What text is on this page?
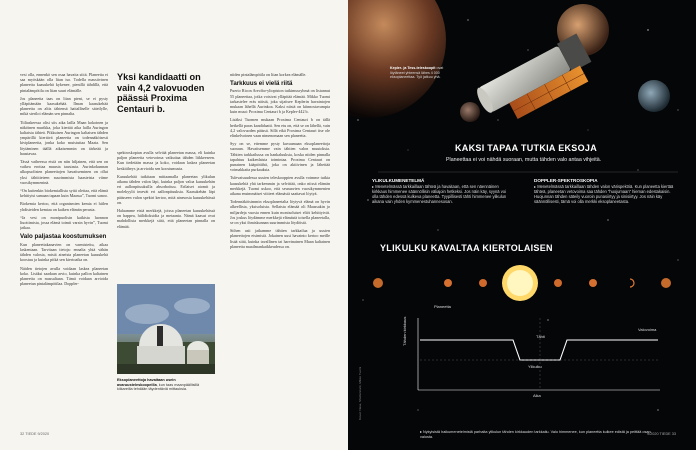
vesi olla, ennenkö sen osaa havaita siitä. Planeetta ei saa myöskään olla liian iso. Todella massiivinen planeetta kaasukehä kykenee, pienillä tähdillä, että pintalämpötila on liian suuri elämälle.

Jos planeetta taas on liian pieni, se ei pysty ylläpitämään kaasukehää. Ilman kaasukehää planeetta on altis tähtensä haitalliselle säteilylle, mikä steriloi elämän sen pinnalta.

Tiiliaskeessa olisi siis aika lailla Maan kokoinen ja näköinen murikka, joka kiertää aika lailla Auringon kaltaista tähteä. Pikkuisen Auringon kaltaisen tähden ympärillä kiertävä planeetta on todennäköisesti kiviplaneetta, jonka koko muistuttaa Maata. Sen löytäminen täällä aikaisemmin on tärkeää ja haastavaa.

Tässä vaiheessa etsiä on niin hiljainen, että sen on vaikea erottaa muusta taustasta. Aurinkokunnan ulkopuolisten planeettojen havaitseminen on ollut yksi tähtitieteen suurimmista haasteista viime vuosikymmeninä.

“On kuitenkin biokemiallista syitä olettaa, että elämä kehittyisi samaan tapaan kuin Maassa”, Tuomi sanoo.

Biokemia kertoo, että organismien kemia ei hiilen yhdisteiden kemiaa on kaiken elämän perusta.

“Ja vesi on monipuolisin kaikista luonnon liuottimista, jossa elämä toimii varsin hyvin”, Tuomi jatkaa.

Valo paljastaa koostumuksen

Kun planeettakanavien on varmistettu, aikaa laskentaan. Tarvitaan tietoja: ennalta yhtä vähän tähden valosta, mistä aineista planeetan kaasukehä koostuu ja kuinka pitkä sen kiertoaika on.

Näiden tietojen avulla voidaan laskea planeetan koko. Lisäksi saadaan arvio, kuinka pallon kaltainen planeetta on massaltaan. Tämä voidaan arvioida planeetan pintalämpötilaa. Doppler-

Yksi kandidaatti on vain 4,2 valovuoden päässä Proxima Centauri b.

spektroskopian avulla selviää planeetan massa, eli kuinka paljon planeetta vetovoima vaikuttaa tähden liikkeeseen. Kun tiedetään massa ja koko, voidaan laskea planeetan keskitiheys ja arvioida sen koostumusta.

Kaasukehää tutkitaan mittaamalla planeetan ylikulun aikana tähden valon läpi, kuinka paljon valoa kaasukehän eri aallonpituuksilla absorboituu. Erilaiset atomit ja molekyylit imevät eri aallonpituuksia. Kaasukehän läpi päässeen valon spektri kertoo, mitä ainesosia kaasukehässä on.

Haluamme etsiä merkkejä, joissa planeetan kaasukehässä on happea, hiilidioksidia ja metaania. Nämä kaasut ovat mahdollisia merkkejä siitä, että planeetan pinnalla on elämää.

Eksoplaneettoja havaitaan usein avaruusteleskoopeilla, kun taas maanpäällisillä kiikareilla tehdään täydentäviä mittauksia.

niiden pintalämpötila on liian korkea elämälle.

Tarkkuus ei vielä riitä

Puerto Ricon Arecibo-yliopiston tutkimusryhmä on listannut 55 planeettaa, jotka voisivat ylläpitää elämää. Mikko Tuomi tarkastelee eräs näistä, joka sijaitsee Keplerin havaintojen mukaan lähellä Aurinkoa. Kaksi niistä on kiinnostavampia kuin muut: Proxima Centauri b ja Kepler-442 b.

Lisäksi Tuomen mukaan Proxima Centauri b on tällä hetkellä paras kandidaatti. Sen etu on, että se on lähellä, vain 4,2 valovuoden päässä. Sillä eikä Proxima Centauri itse ole elinkelvoinen vaan nimenomaan sen planeetta.

Syy on se, ettemme pysty kuvaamaan eksoplaneettoja suoraan. Havaitsemme vain tähtien valon muutoksia. Tähtien tarkkailussa on hankaluuksia, koska niiden pinnalla tapahtuu kaikenlaista toimintaa. Proxima Centauri on punainen kääpiötähti, joka on aktiivinen ja lähettää voimakkaita purkauksia.

Tulevaisuudessa uusien teleskooppien avulla voimme tutkia kaasukehiä yhä tarkemmin ja selvittää, onko niissä elämän merkkejä. Tuomi uskoo, että seuraavien vuosikymmenien aikana ensimmäiset viitteet elämästä saattavat löytyä.

Todennäköisimmin eksoplaneetalta löytyvä elämä on hyvin alkeellista, yksisoluista. Sellaista elämää oli Maassakin jo miljardeja vuosia ennen kuin monisoluiset eliöt kehittyivät. Jos joskus löydämme merkkejä elämästä toisella planeetalla, se on yksi ihmiskunnan suurimmista löydöistä.

Siihen asti jatkamme tähtien tarkkailua ja uusien planeettojen etsimistä. Jokainen uusi havainto kertoo meille lisää siitä, kuinka tavallinen tai harvinainen Maan kaltainen planeetta maailmankaikkeudessa on.

32 TIEDE 9/2020
Kepler- ja Tess-teleskoopit ovat löytäneet yhteensä lähes 4 000 eksoplaneettaa. Työ jatkuu yhä.
KAKSI TAPAA TUTKIA EKSOJA
Planeettaa ei voi nähdä suoraan, mutta tähden valo antaa vihjeitä.
YLIKULKUMENETELMÄ
▸ Menetelmässä tarkkaillaan tähteä ja havaitaan, että sen näennäinen kirkkaus himmenee säännöllisin väliajoin hetkeksi. Jos näin käy, syynä voi olla tähden edessä kulkeva planeetta. Tyypillisesti tähti himmenee ylikulun aikana vain yhden kymmenestuhannesosan.
DOPPLER-SPEKTROSKOPIA
▸ Menetelmässä tarkkaillaan tähden valon värispektriä. Kun planeetta kiertää tähteä, planeetan vetovoima saa tähden “huojumaan” hieman edestakaisin. Huojunnan tähden säteily vuoroin punasiirtyy ja sinisiirtyy. Jos näin käy säännöllisesti, tämä voi olla merkki eksoplaneetasta.
YLIKULKU KAVALTAA KIERTOLAISEN
Planeetta
Tähden kirkkaus	Tähti
Ylikulku
Aika
Valovoima
▸ Nykyisistä haikumenetelmistä parhaita ylikulun tähden kirkkauden tarkkailu. Valo himmenee, kun planeetta kulkee edistä ja peittää osan valosta.
Kuvat: Nasa, Shutterstock, Mikko Tuomi
9/2020 TIEDE 33
